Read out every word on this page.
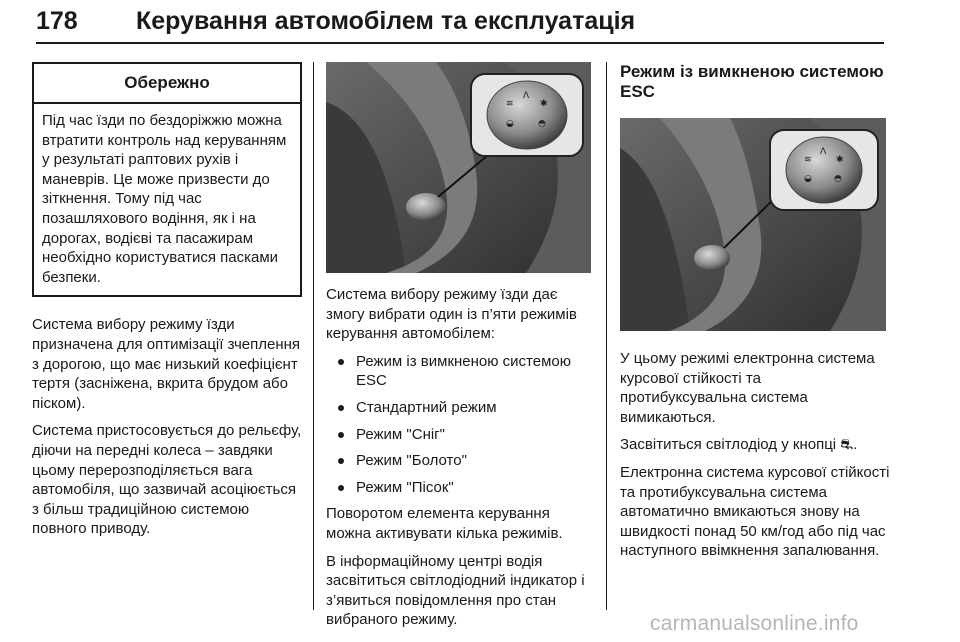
178	Керування автомобілем та експлуатація
Обережно
Під час їзди по бездоріжжю можна втратити контроль над керуванням у результаті раптових рухів і маневрів. Це може призвести до зіткнення. Тому під час позашляхового водіння, як і на дорогах, водієві та пасажирам необхідно користуватися пасками безпеки.

Система вибору режиму їзди призначена для оптимізації зчеплення з дорогою, що має низький коефіцієнт тертя (засніжена, вкрита брудом або піском).

Система пристосовується до рельєфу, діючи на передні колеса – завдяки цьому перерозподіляється вага автомобіля, що зазвичай асоціюється з більш традиційною системою повного приводу.

≋
Λ
✱
◒	◓

Система вибору режиму їзди дає змогу вибрати один із п’яти режимів керування автомобілем:

Режим із вимкненою системою ESC
Стандартний режим
Режим "Сніг"
Режим "Болото"
Режим "Пісок"

Поворотом елемента керування можна активувати кілька режимів.

В інформаційному центрі водія засвітиться світлодіодний індикатор і з’явиться повідомлення про стан вибраного режиму.

Режим із вимкненою системою ESC
≋
Λ
✱
◒ ◓

У цьому режимі електронна система курсової стійкості та протибуксувальна система вимикаються.

Засвітиться світлодіод у кнопці ⛐.

Електронна система курсової стійкості та протибуксувальна система автоматично вмикаються знову на швидкості понад 50 км/год або під час наступного ввімкнення запалювання.

carmanualsonline.info
